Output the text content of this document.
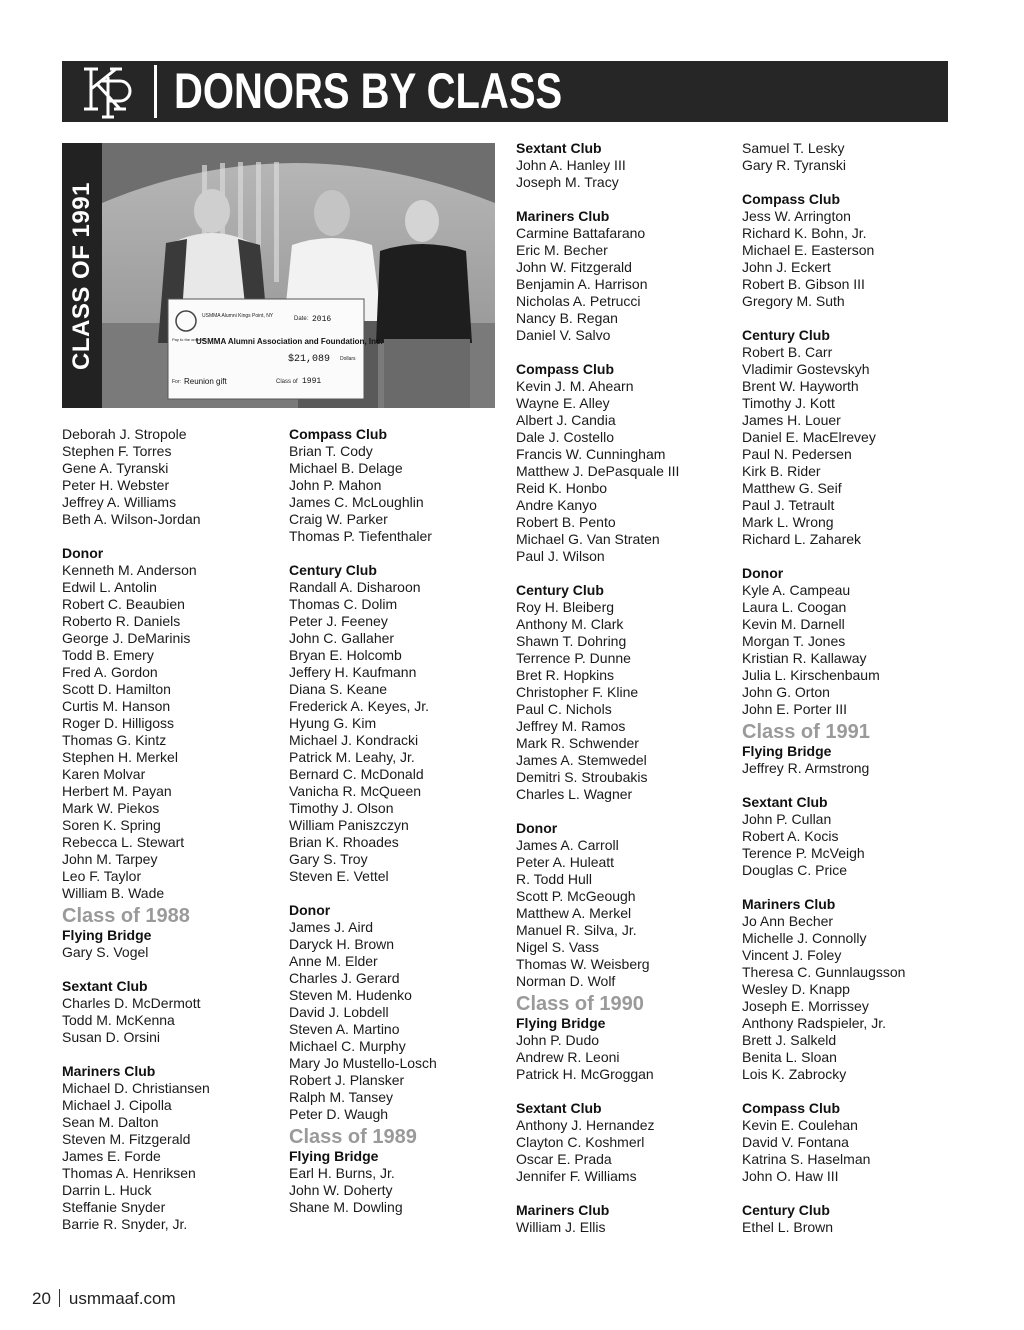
DONORS BY CLASS
USMMA Alumni Kings Point, NY	Date: 2016
Pay to the order of
USMMA Alumni Association and Foundation, Inc.
$21,089 Dollars
For: Reunion gift	Class of 1991
CLASS OF 1991
Deborah J. Stropole
Stephen F. Torres
Gene A. Tyranski
Peter H. Webster
Jeffrey A. Williams
Beth A. Wilson-Jordan
Donor
Kenneth M. Anderson
Edwil L. Antolin
Robert C. Beaubien
Roberto R. Daniels
George J. DeMarinis
Todd B. Emery
Fred A. Gordon
Scott D. Hamilton
Curtis M. Hanson
Roger D. Hilligoss
Thomas G. Kintz
Stephen H. Merkel
Karen Molvar
Herbert M. Payan
Mark W. Piekos
Soren K. Spring
Rebecca L. Stewart
John M. Tarpey
Leo F. Taylor
William B. Wade
Class of 1988
Flying Bridge
Gary S. Vogel
Sextant Club
Charles D. McDermott
Todd M. McKenna
Susan D. Orsini
Mariners Club
Michael D. Christiansen
Michael J. Cipolla
Sean M. Dalton
Steven M. Fitzgerald
James E. Forde
Thomas A. Henriksen
Darrin L. Huck
Steffanie Snyder
Barrie R. Snyder, Jr.
Compass Club
Brian T. Cody
Michael B. Delage
John P. Mahon
James C. McLoughlin
Craig W. Parker
Thomas P. Tiefenthaler
Century Club
Randall A. Disharoon
Thomas C. Dolim
Peter J. Feeney
John C. Gallaher
Bryan E. Holcomb
Jeffery H. Kaufmann
Diana S. Keane
Frederick A. Keyes, Jr.
Hyung G. Kim
Michael J. Kondracki
Patrick M. Leahy, Jr.
Bernard C. McDonald
Vanicha R. McQueen
Timothy J. Olson
William Paniszczyn
Brian K. Rhoades
Gary S. Troy
Steven E. Vettel
Donor
James J. Aird
Daryck H. Brown
Anne M. Elder
Charles J. Gerard
Steven M. Hudenko
David J. Lobdell
Steven A. Martino
Michael C. Murphy
Mary Jo Mustello-Losch
Robert J. Plansker
Ralph M. Tansey
Peter D. Waugh
Class of 1989
Flying Bridge
Earl H. Burns, Jr.
John W. Doherty
Shane M. Dowling
Sextant Club
John A. Hanley III
Joseph M. Tracy
Mariners Club
Carmine Battafarano
Eric M. Becher
John W. Fitzgerald
Benjamin A. Harrison
Nicholas A. Petrucci
Nancy B. Regan
Daniel V. Salvo
Compass Club
Kevin J. M. Ahearn
Wayne E. Alley
Albert J. Candia
Dale J. Costello
Francis W. Cunningham
Matthew J. DePasquale III
Reid K. Honbo
Andre Kanyo
Robert B. Pento
Michael G. Van Straten
Paul J. Wilson
Century Club
Roy H. Bleiberg
Anthony M. Clark
Shawn T. Dohring
Terrence P. Dunne
Bret R. Hopkins
Christopher F. Kline
Paul C. Nichols
Jeffrey M. Ramos
Mark R. Schwender
James A. Stemwedel
Demitri S. Stroubakis
Charles L. Wagner
Donor
James A. Carroll
Peter A. Huleatt
R. Todd Hull
Scott P. McGeough
Matthew A. Merkel
Manuel R. Silva, Jr.
Nigel S. Vass
Thomas W. Weisberg
Norman D. Wolf
Class of 1990
Flying Bridge
John P. Dudo
Andrew R. Leoni
Patrick H. McGroggan
Sextant Club
Anthony J. Hernandez
Clayton C. Koshmerl
Oscar E. Prada
Jennifer F. Williams
Mariners Club
William J. Ellis
Samuel T. Lesky
Gary R. Tyranski
Compass Club
Jess W. Arrington
Richard K. Bohn, Jr.
Michael E. Easterson
John J. Eckert
Robert B. Gibson III
Gregory M. Suth
Century Club
Robert B. Carr
Vladimir Gostevskyh
Brent W. Hayworth
Timothy J. Kott
James H. Louer
Daniel E. MacElrevey
Paul N. Pedersen
Kirk B. Rider
Matthew G. Seif
Paul J. Tetrault
Mark L. Wrong
Richard L. Zaharek
Donor
Kyle A. Campeau
Laura L. Coogan
Kevin M. Darnell
Morgan T. Jones
Kristian R. Kallaway
Julia L. Kirschenbaum
John G. Orton
John E. Porter III
Class of 1991
Flying Bridge
Jeffrey R. Armstrong
Sextant Club
John P. Cullan
Robert A. Kocis
Terence P. McVeigh
Douglas C. Price
Mariners Club
Jo Ann Becher
Michelle J. Connolly
Vincent J. Foley
Theresa C. Gunnlaugsson
Wesley D. Knapp
Joseph E. Morrissey
Anthony Radspieler, Jr.
Brett J. Salkeld
Benita L. Sloan
Lois K. Zabrocky
Compass Club
Kevin E. Coulehan
David V. Fontana
Katrina S. Haselman
John O. Haw III
Century Club
Ethel L. Brown
20 usmmaaf.com
